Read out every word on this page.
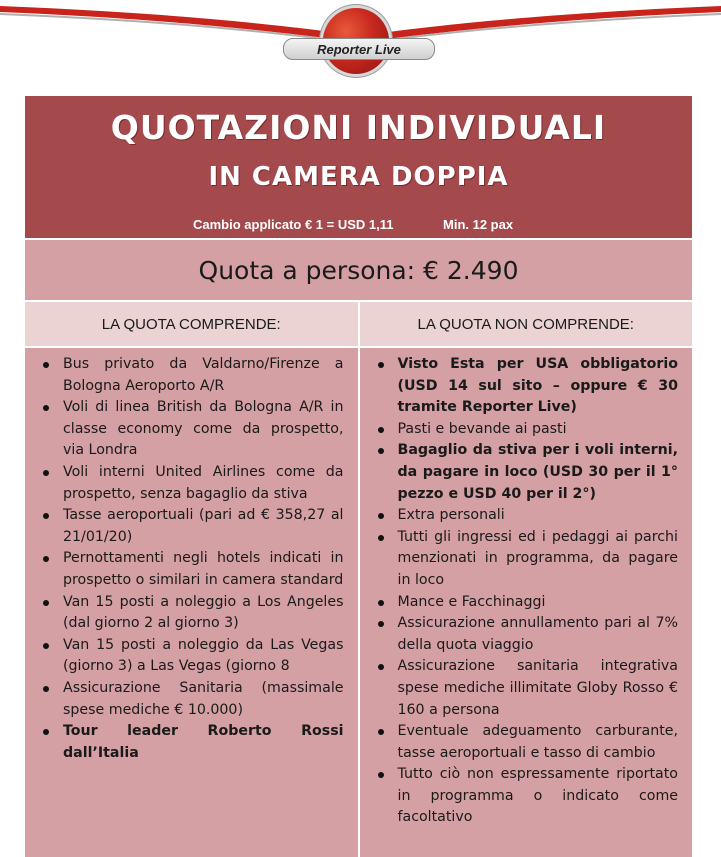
Reporter Live
QUOTAZIONI INDIVIDUALI
IN CAMERA DOPPIA
Cambio applicato € 1 = USD 1,11	Min. 12 pax
Quota a persona: € 2.490
LA QUOTA COMPRENDE:	LA QUOTA NON COMPRENDE:
Bus privato da Valdarno/Firenze a Bologna Aeroporto A/R
Voli di linea British da Bologna A/R in classe economy come da prospetto, via Londra
Voli interni United Airlines come da prospetto, senza bagaglio da stiva
Tasse aeroportuali (pari ad € 358,27 al 21/01/20)
Pernottamenti negli hotels indicati in prospetto o similari in camera standard
Van 15 posti a noleggio a Los Angeles (dal giorno 2 al giorno 3)
Van 15 posti a noleggio da Las Vegas (giorno 3) a Las Vegas (giorno 8
Assicurazione Sanitaria (massimale spese mediche € 10.000)
Tour leader Roberto Rossi dall’Italia
Visto Esta per USA obbligatorio (USD 14 sul sito – oppure € 30 tramite Reporter Live)
Pasti e bevande ai pasti
Bagaglio da stiva per i voli interni, da pagare in loco (USD 30 per il 1° pezzo e USD 40 per il 2°)
Extra personali
Tutti gli ingressi ed i pedaggi ai parchi menzionati in programma, da pagare in loco
Mance e Facchinaggi
Assicurazione annullamento pari al 7% della quota viaggio
Assicurazione sanitaria integrativa spese mediche illimitate Globy Rosso € 160 a persona
Eventuale adeguamento carburante, tasse aeroportuali e tasso di cambio
Tutto ciò non espressamente riportato in programma o indicato come facoltativo
